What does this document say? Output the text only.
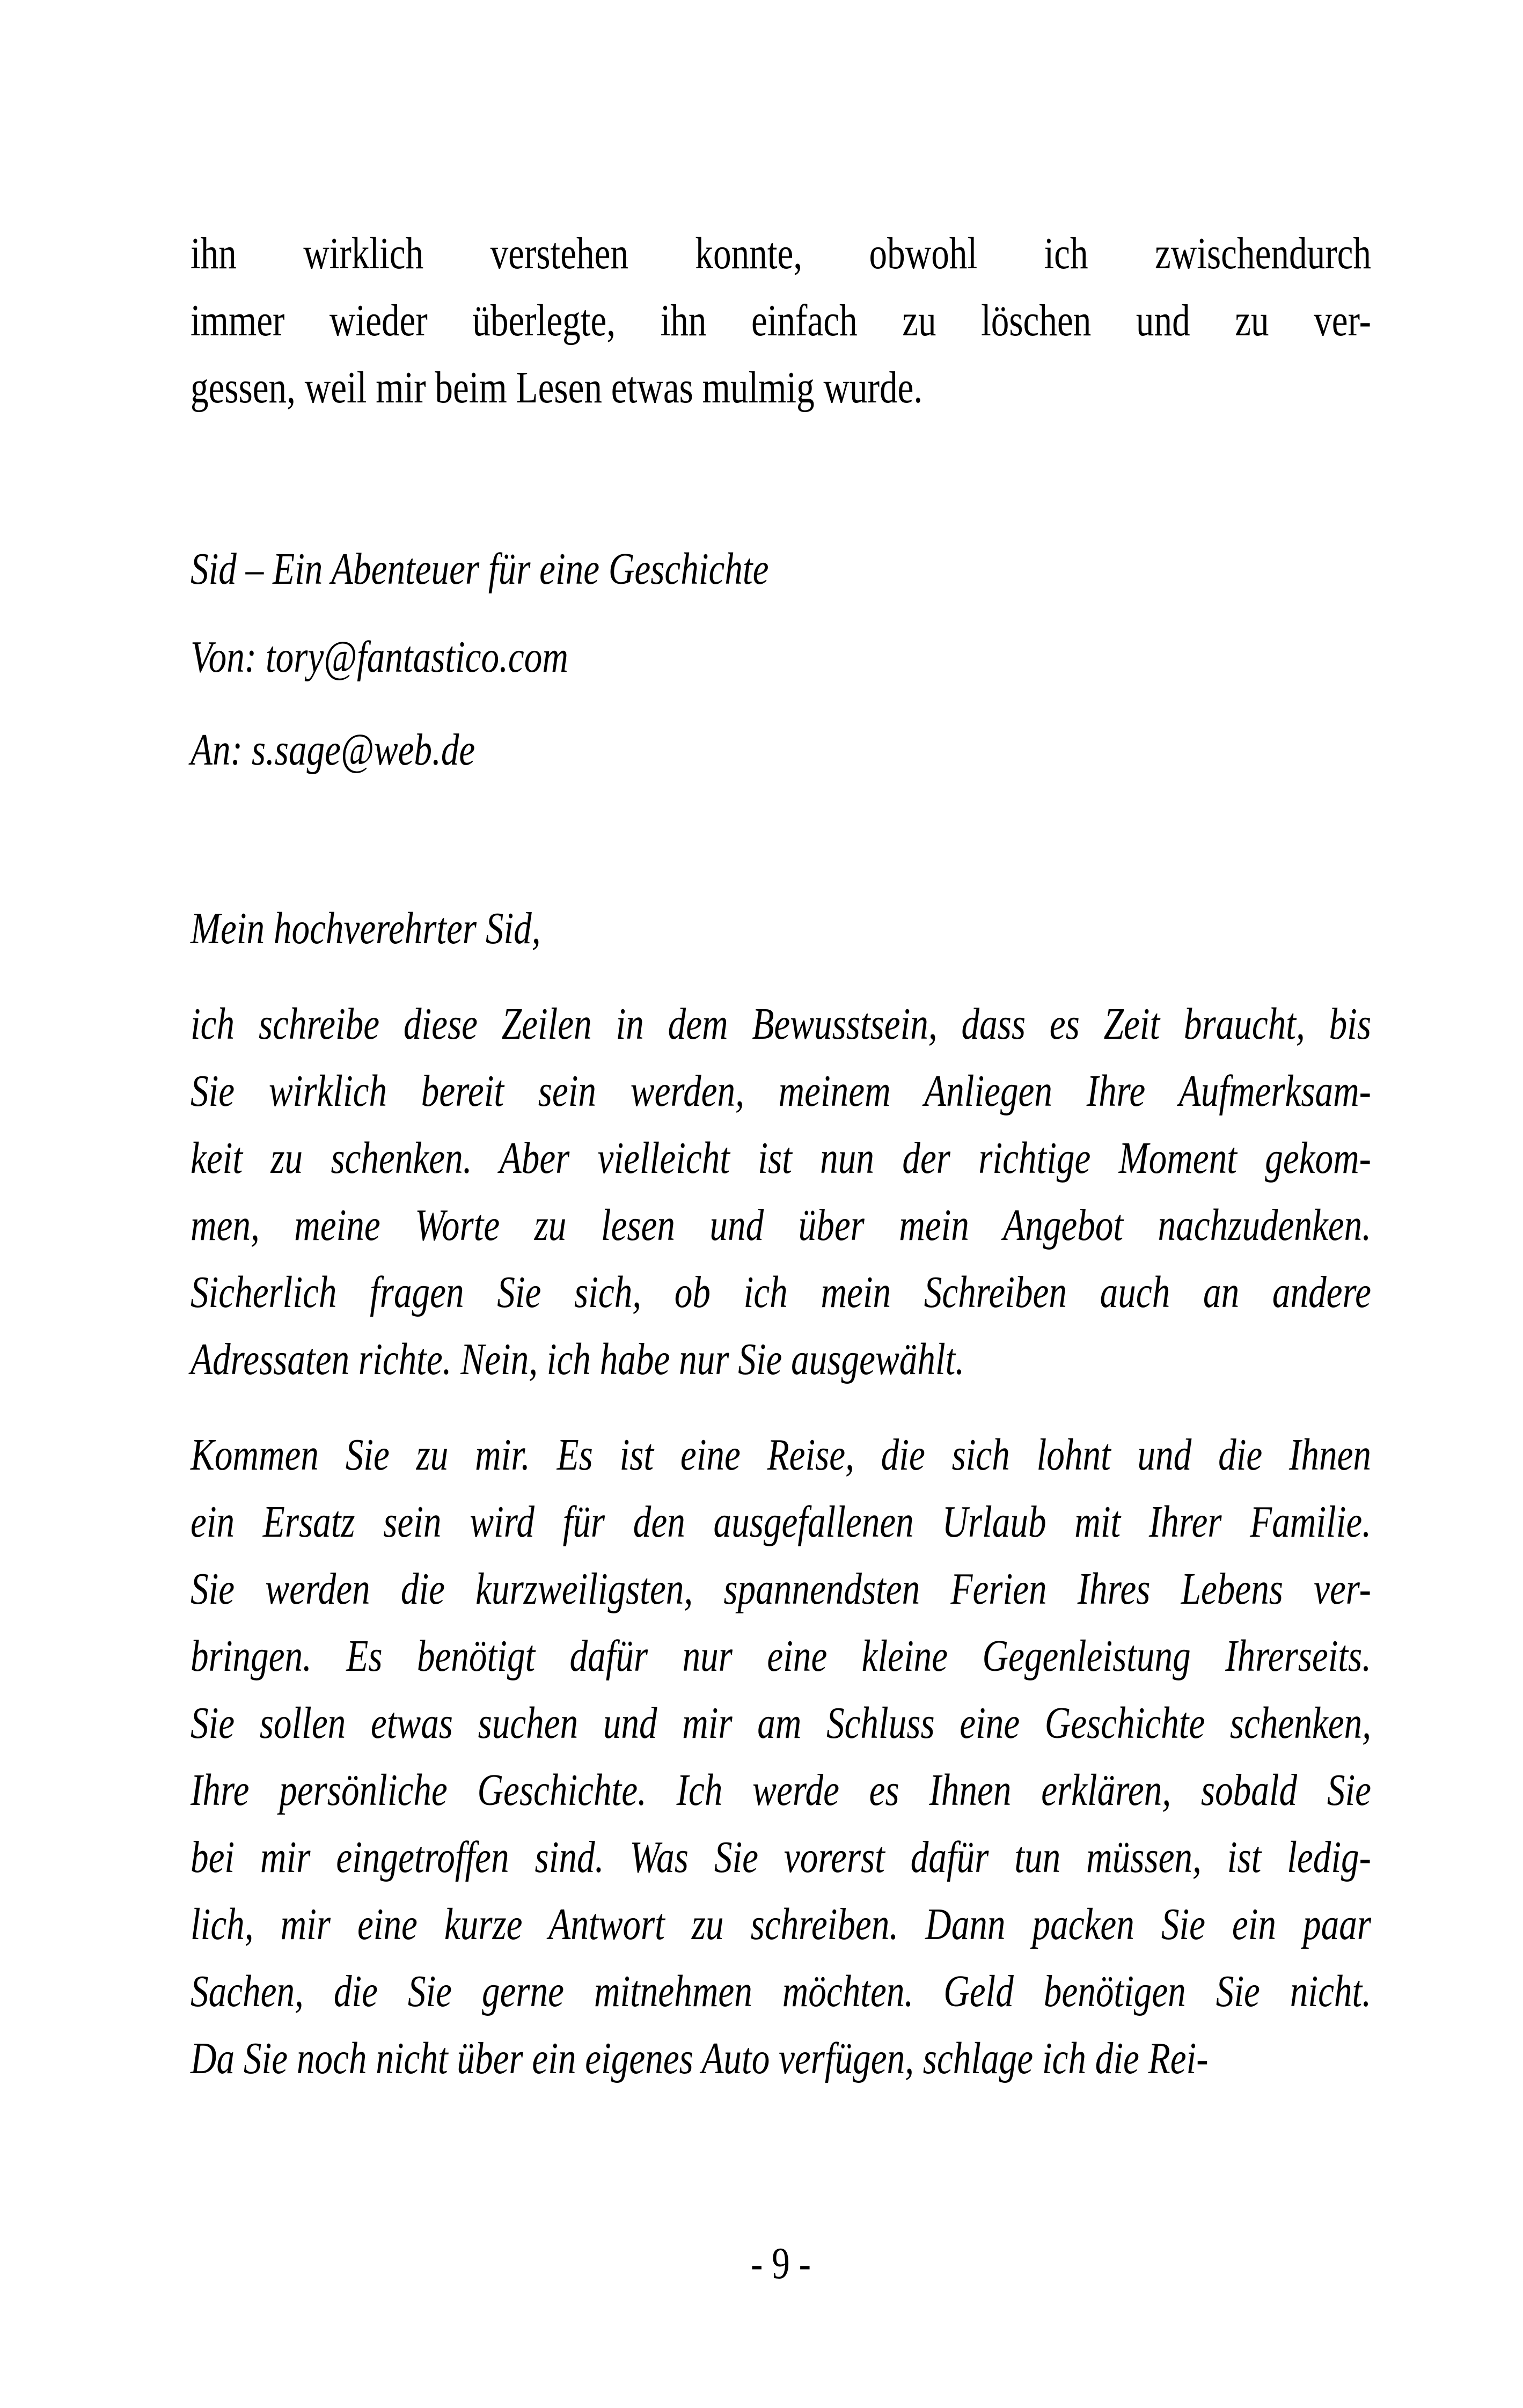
ihn wirklich verstehen konnte, obwohl ich zwischendurch
immer wieder überlegte, ihn einfach zu löschen und zu ver-
gessen, weil mir beim Lesen etwas mulmig wurde.
Sid – Ein Abenteuer für eine Geschichte
Von: tory@fantastico.com
An: s.sage@web.de
Mein hochverehrter Sid,
ich schreibe diese Zeilen in dem Bewusstsein, dass es Zeit braucht, bis
Sie wirklich bereit sein werden, meinem Anliegen Ihre Aufmerksam-
keit zu schenken. Aber vielleicht ist nun der richtige Moment gekom-
men, meine Worte zu lesen und über mein Angebot nachzudenken.
Sicherlich fragen Sie sich, ob ich mein Schreiben auch an andere
Adressaten richte. Nein, ich habe nur Sie ausgewählt.
Kommen Sie zu mir. Es ist eine Reise, die sich lohnt und die Ihnen
ein Ersatz sein wird für den ausgefallenen Urlaub mit Ihrer Familie.
Sie werden die kurzweiligsten, spannendsten Ferien Ihres Lebens ver-
bringen. Es benötigt dafür nur eine kleine Gegenleistung Ihrerseits.
Sie sollen etwas suchen und mir am Schluss eine Geschichte schenken,
Ihre persönliche Geschichte. Ich werde es Ihnen erklären, sobald Sie
bei mir eingetroffen sind. Was Sie vorerst dafür tun müssen, ist ledig-
lich, mir eine kurze Antwort zu schreiben. Dann packen Sie ein paar
Sachen, die Sie gerne mitnehmen möchten. Geld benötigen Sie nicht.
Da Sie noch nicht über ein eigenes Auto verfügen, schlage ich die Rei-
- 9 -
